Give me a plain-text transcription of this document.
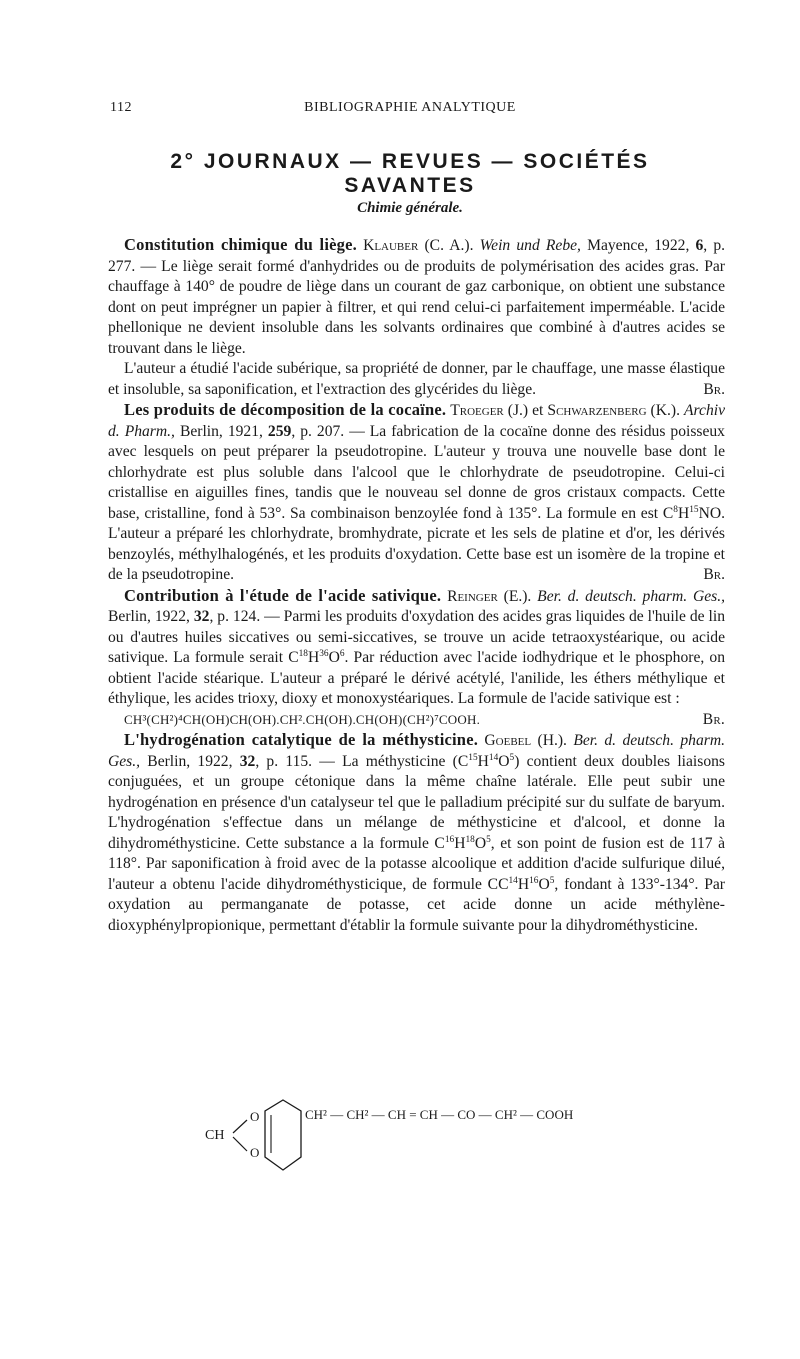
112	BIBLIOGRAPHIE ANALYTIQUE
2° JOURNAUX — REVUES — SOCIÉTÉS SAVANTES
Chimie générale.

Constitution chimique du liège. Klauber (C. A.). Wein und Rebe, Mayence, 1922, 6, p. 277. — Le liège serait formé d'anhydrides ou de produits de polymérisation des acides gras. Par chauffage à 140° de poudre de liège dans un courant de gaz carbonique, on obtient une substance dont on peut imprégner un papier à filtrer, et qui rend celui-ci parfaitement imperméable. L'acide phellonique ne devient insoluble dans les solvants ordinaires que combiné à d'autres acides se trouvant dans le liège.

L'auteur a étudié l'acide subérique, sa propriété de donner, par le chauffage, une masse élastique et insoluble, sa saponification, et l'extraction des glycérides du liège.	Br.

Les produits de décomposition de la cocaïne. Troeger (J.) et Schwarzenberg (K.). Archiv d. Pharm., Berlin, 1921, 259, p. 207. — La fabrication de la cocaïne donne des résidus poisseux avec lesquels on peut préparer la pseudotropine. L'auteur y trouva une nouvelle base dont le chlorhydrate est plus soluble dans l'alcool que le chlorhydrate de pseudotropine. Celui-ci cristallise en aiguilles fines, tandis que le nouveau sel donne de gros cristaux compacts. Cette base, cristalline, fond à 53°. Sa combinaison benzoylée fond à 135°. La formule en est $C^8H^{15}NO$. L'auteur a préparé les chlorhydrate, bromhydrate, picrate et les sels de platine et d'or, les dérivés benzoylés, méthylhalogénés, et les produits d'oxydation. Cette base est un isomère de la tropine et de la pseudotropine.	Br.

Contribution à l'étude de l'acide sativique. Reinger (E.). Ber. d. deutsch. pharm. Ges., Berlin, 1922, 32, p. 124. — Parmi les produits d'oxydation des acides gras liquides de l'huile de lin ou d'autres huiles siccatives ou semi-siccatives, se trouve un acide tetraoxystéarique, ou acide sativique. La formule serait $C^{18}H^{36}O^6$. Par réduction avec l'acide iodhydrique et le phosphore, on obtient l'acide stéarique. L'auteur a préparé le dérivé acétylé, l'anilide, les éthers méthylique et éthylique, les acides trioxy, dioxy et monoxystéariques. La formule de l'acide sativique est :

CH³(CH²)⁴CH(OH)CH(OH).CH².CH(OH).CH(OH)(CH²)⁷COOH.	Br.

L'hydrogénation catalytique de la méthysticine. Goebel (H.). Ber. d. deutsch. pharm. Ges., Berlin, 1922, 32, p. 115. — La méthysticine $(C^{15}H^{14}O^5)$ contient deux doubles liaisons conjuguées, et un groupe cétonique dans la même chaîne latérale. Elle peut subir une hydrogénation en présence d'un catalyseur tel que le palladium précipité sur du sulfate de baryum. L'hydrogénation s'effectue dans un mélange de méthysticine et d'alcool, et donne la dihydrométhysticine. Cette substance a la formule $C^{16}H^{18}O^5$, et son point de fusion est de 117 à 118°. Par saponification à froid avec de la potasse alcoolique et addition d'acide sulfurique dilué, l'auteur a obtenu l'acide dihydrométhysticique, de formule $CC^{14}H^{16}O^5$, fondant à 133°-134°. Par oxydation au permanganate de potasse, cet acide donne un acide méthylène-dioxyphénylpropionique, permettant d'établir la formule suivante pour la dihydrométhysticine.

CH
O
O
CH² — CH² — CH = CH — CO — CH² — COOH
